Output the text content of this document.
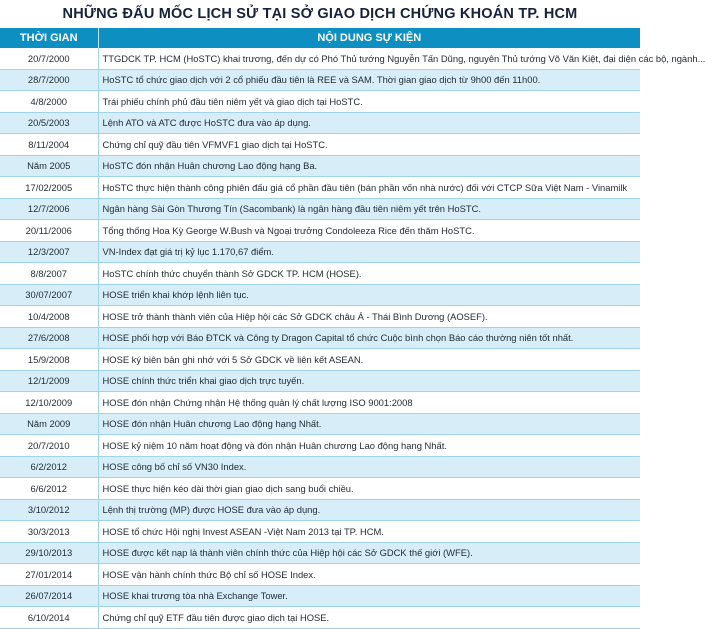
NHỮNG ĐẤU MỐC LỊCH SỬ TẠI SỞ GIAO DỊCH CHỨNG KHOÁN TP. HCM
THỜI GIAN	NỘI DUNG SỰ KIỆN
20/7/2000	TTGDCK TP. HCM (HoSTC) khai trương, đến dự có Phó Thủ tướng Nguyễn Tấn Dũng, nguyên Thủ tướng Võ Văn Kiệt, đại diện các bộ, ngành...
28/7/2000	HoSTC tổ chức giao dịch với 2 cổ phiếu đầu tiên là REE và SAM. Thời gian giao dịch từ 9h00 đến 11h00.
4/8/2000	Trái phiếu chính phủ đầu tiên niêm yết và giao dịch tại HoSTC.
20/5/2003	Lệnh ATO và ATC được HoSTC đưa vào áp dụng.
8/11/2004	Chứng chỉ quỹ đầu tiên VFMVF1 giao dịch tại HoSTC.
Năm 2005	HoSTC đón nhận Huân chương Lao động hạng Ba.
17/02/2005	HoSTC thực hiện thành công phiên đấu giá cổ phần đầu tiên (bán phần vốn nhà nước) đối với CTCP Sữa Việt Nam - Vinamilk
12/7/2006	Ngân hàng Sài Gòn Thương Tín (Sacombank) là ngân hàng đầu tiên niêm yết trên HoSTC.
20/11/2006	Tổng thống Hoa Kỳ George W.Bush và Ngoại trưởng Condoleeza Rice đến thăm HoSTC.
12/3/2007	VN-Index đạt giá trị kỷ lục 1.170,67 điểm.
8/8/2007	HoSTC chính thức chuyển thành Sở GDCK TP. HCM (HOSE).
30/07/2007	HOSE triển khai khớp lệnh liên tục.
10/4/2008	HOSE trở thành thành viên của Hiệp hội các Sở GDCK châu Á - Thái Bình Dương (AOSEF).
27/6/2008	HOSE phối hợp với Báo ĐTCK và Công ty Dragon Capital tổ chức Cuộc bình chọn Báo cáo thường niên tốt nhất.
15/9/2008	HOSE ký biên bản ghi nhớ với 5 Sở GDCK về liên kết ASEAN.
12/1/2009	HOSE chính thức triển khai giao dịch trực tuyến.
12/10/2009	HOSE đón nhận Chứng nhận Hệ thống quản lý chất lượng ISO 9001:2008
Năm 2009	HOSE đón nhận Huân chương Lao động hạng Nhất.
20/7/2010	HOSE kỷ niệm 10 năm hoạt động và đón nhận Huân chương Lao động hạng Nhất.
6/2/2012	HOSE công bố chỉ số VN30 Index.
6/6/2012	HOSE thực hiện kéo dài thời gian giao dịch sang buổi chiều.
3/10/2012	Lệnh thị trường (MP) được HOSE đưa vào áp dụng.
30/3/2013	HOSE tổ chức Hội nghị Invest ASEAN -Việt Nam 2013 tại TP. HCM.
29/10/2013	HOSE được kết nạp là thành viên chính thức của Hiệp hội các Sở GDCK thế giới (WFE).
27/01/2014	HOSE vận hành chính thức Bộ chỉ số HOSE Index.
26/07/2014	HOSE khai trương tòa nhà Exchange Tower.
6/10/2014	Chứng chỉ quỹ ETF đầu tiên được giao dịch tại HOSE.
